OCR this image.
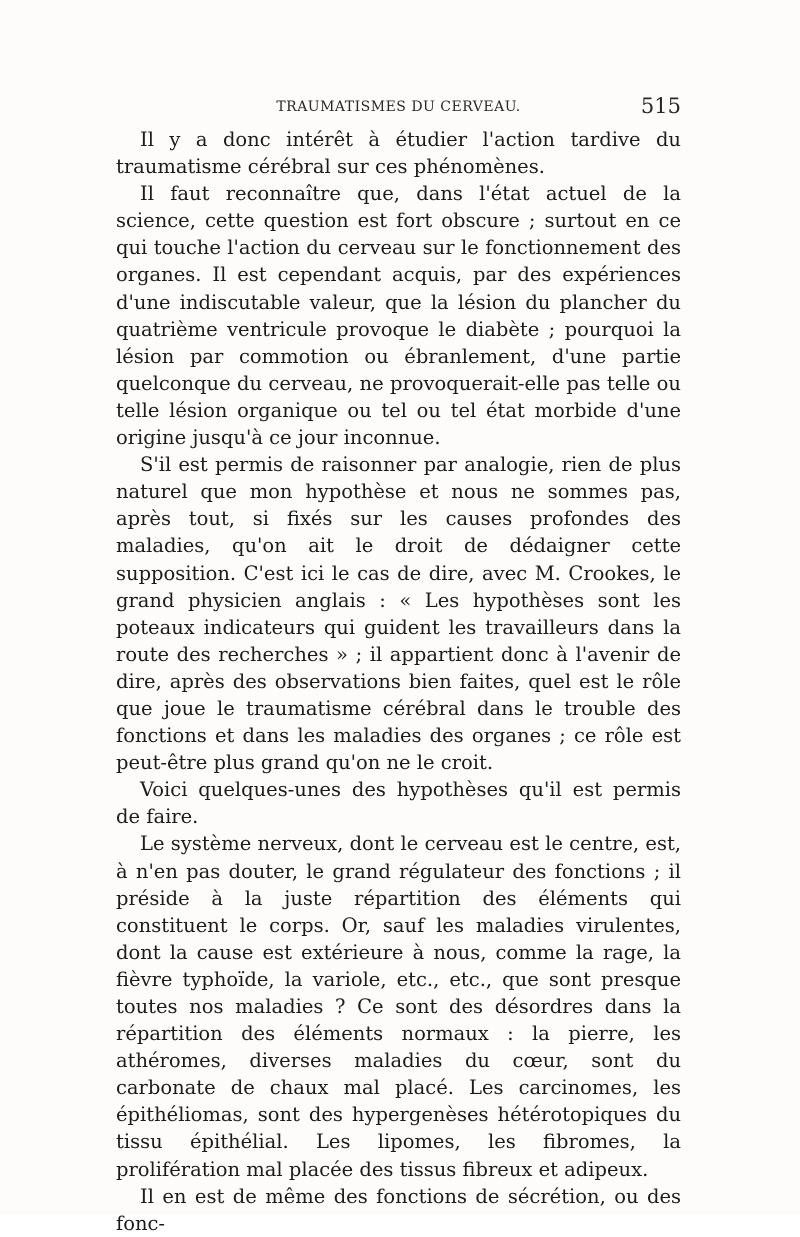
TRAUMATISMES DU CERVEAU.	515

Il y a donc intérêt à étudier l'action tardive du traumatisme cérébral sur ces phénomènes.

Il faut reconnaître que, dans l'état actuel de la science, cette question est fort obscure ; surtout en ce qui touche l'action du cerveau sur le fonctionnement des organes. Il est cependant acquis, par des expériences d'une indiscutable valeur, que la lésion du plancher du quatrième ventricule provoque le diabète ; pourquoi la lésion par commotion ou ébranlement, d'une partie quelconque du cerveau, ne provoquerait-elle pas telle ou telle lésion organique ou tel ou tel état morbide d'une origine jusqu'à ce jour inconnue.

S'il est permis de raisonner par analogie, rien de plus naturel que mon hypothèse et nous ne sommes pas, après tout, si fixés sur les causes profondes des maladies, qu'on ait le droit de dédaigner cette supposition. C'est ici le cas de dire, avec M. Crookes, le grand physicien anglais : « Les hypothèses sont les poteaux indicateurs qui guident les travailleurs dans la route des recherches » ; il appartient donc à l'avenir de dire, après des observations bien faites, quel est le rôle que joue le traumatisme cérébral dans le trouble des fonctions et dans les maladies des organes ; ce rôle est peut-être plus grand qu'on ne le croit.

Voici quelques-unes des hypothèses qu'il est permis de faire.

Le système nerveux, dont le cerveau est le centre, est, à n'en pas douter, le grand régulateur des fonctions ; il préside à la juste répartition des éléments qui constituent le corps. Or, sauf les maladies virulentes, dont la cause est extérieure à nous, comme la rage, la fièvre typhoïde, la variole, etc., etc., que sont presque toutes nos maladies ? Ce sont des désordres dans la répartition des éléments normaux : la pierre, les athéromes, diverses maladies du cœur, sont du carbonate de chaux mal placé. Les carcinomes, les épithéliomas, sont des hypergenèses hétérotopiques du tissu épithélial. Les lipomes, les fibromes, la prolifération mal placée des tissus fibreux et adipeux.

Il en est de même des fonctions de sécrétion, ou des fonc-
